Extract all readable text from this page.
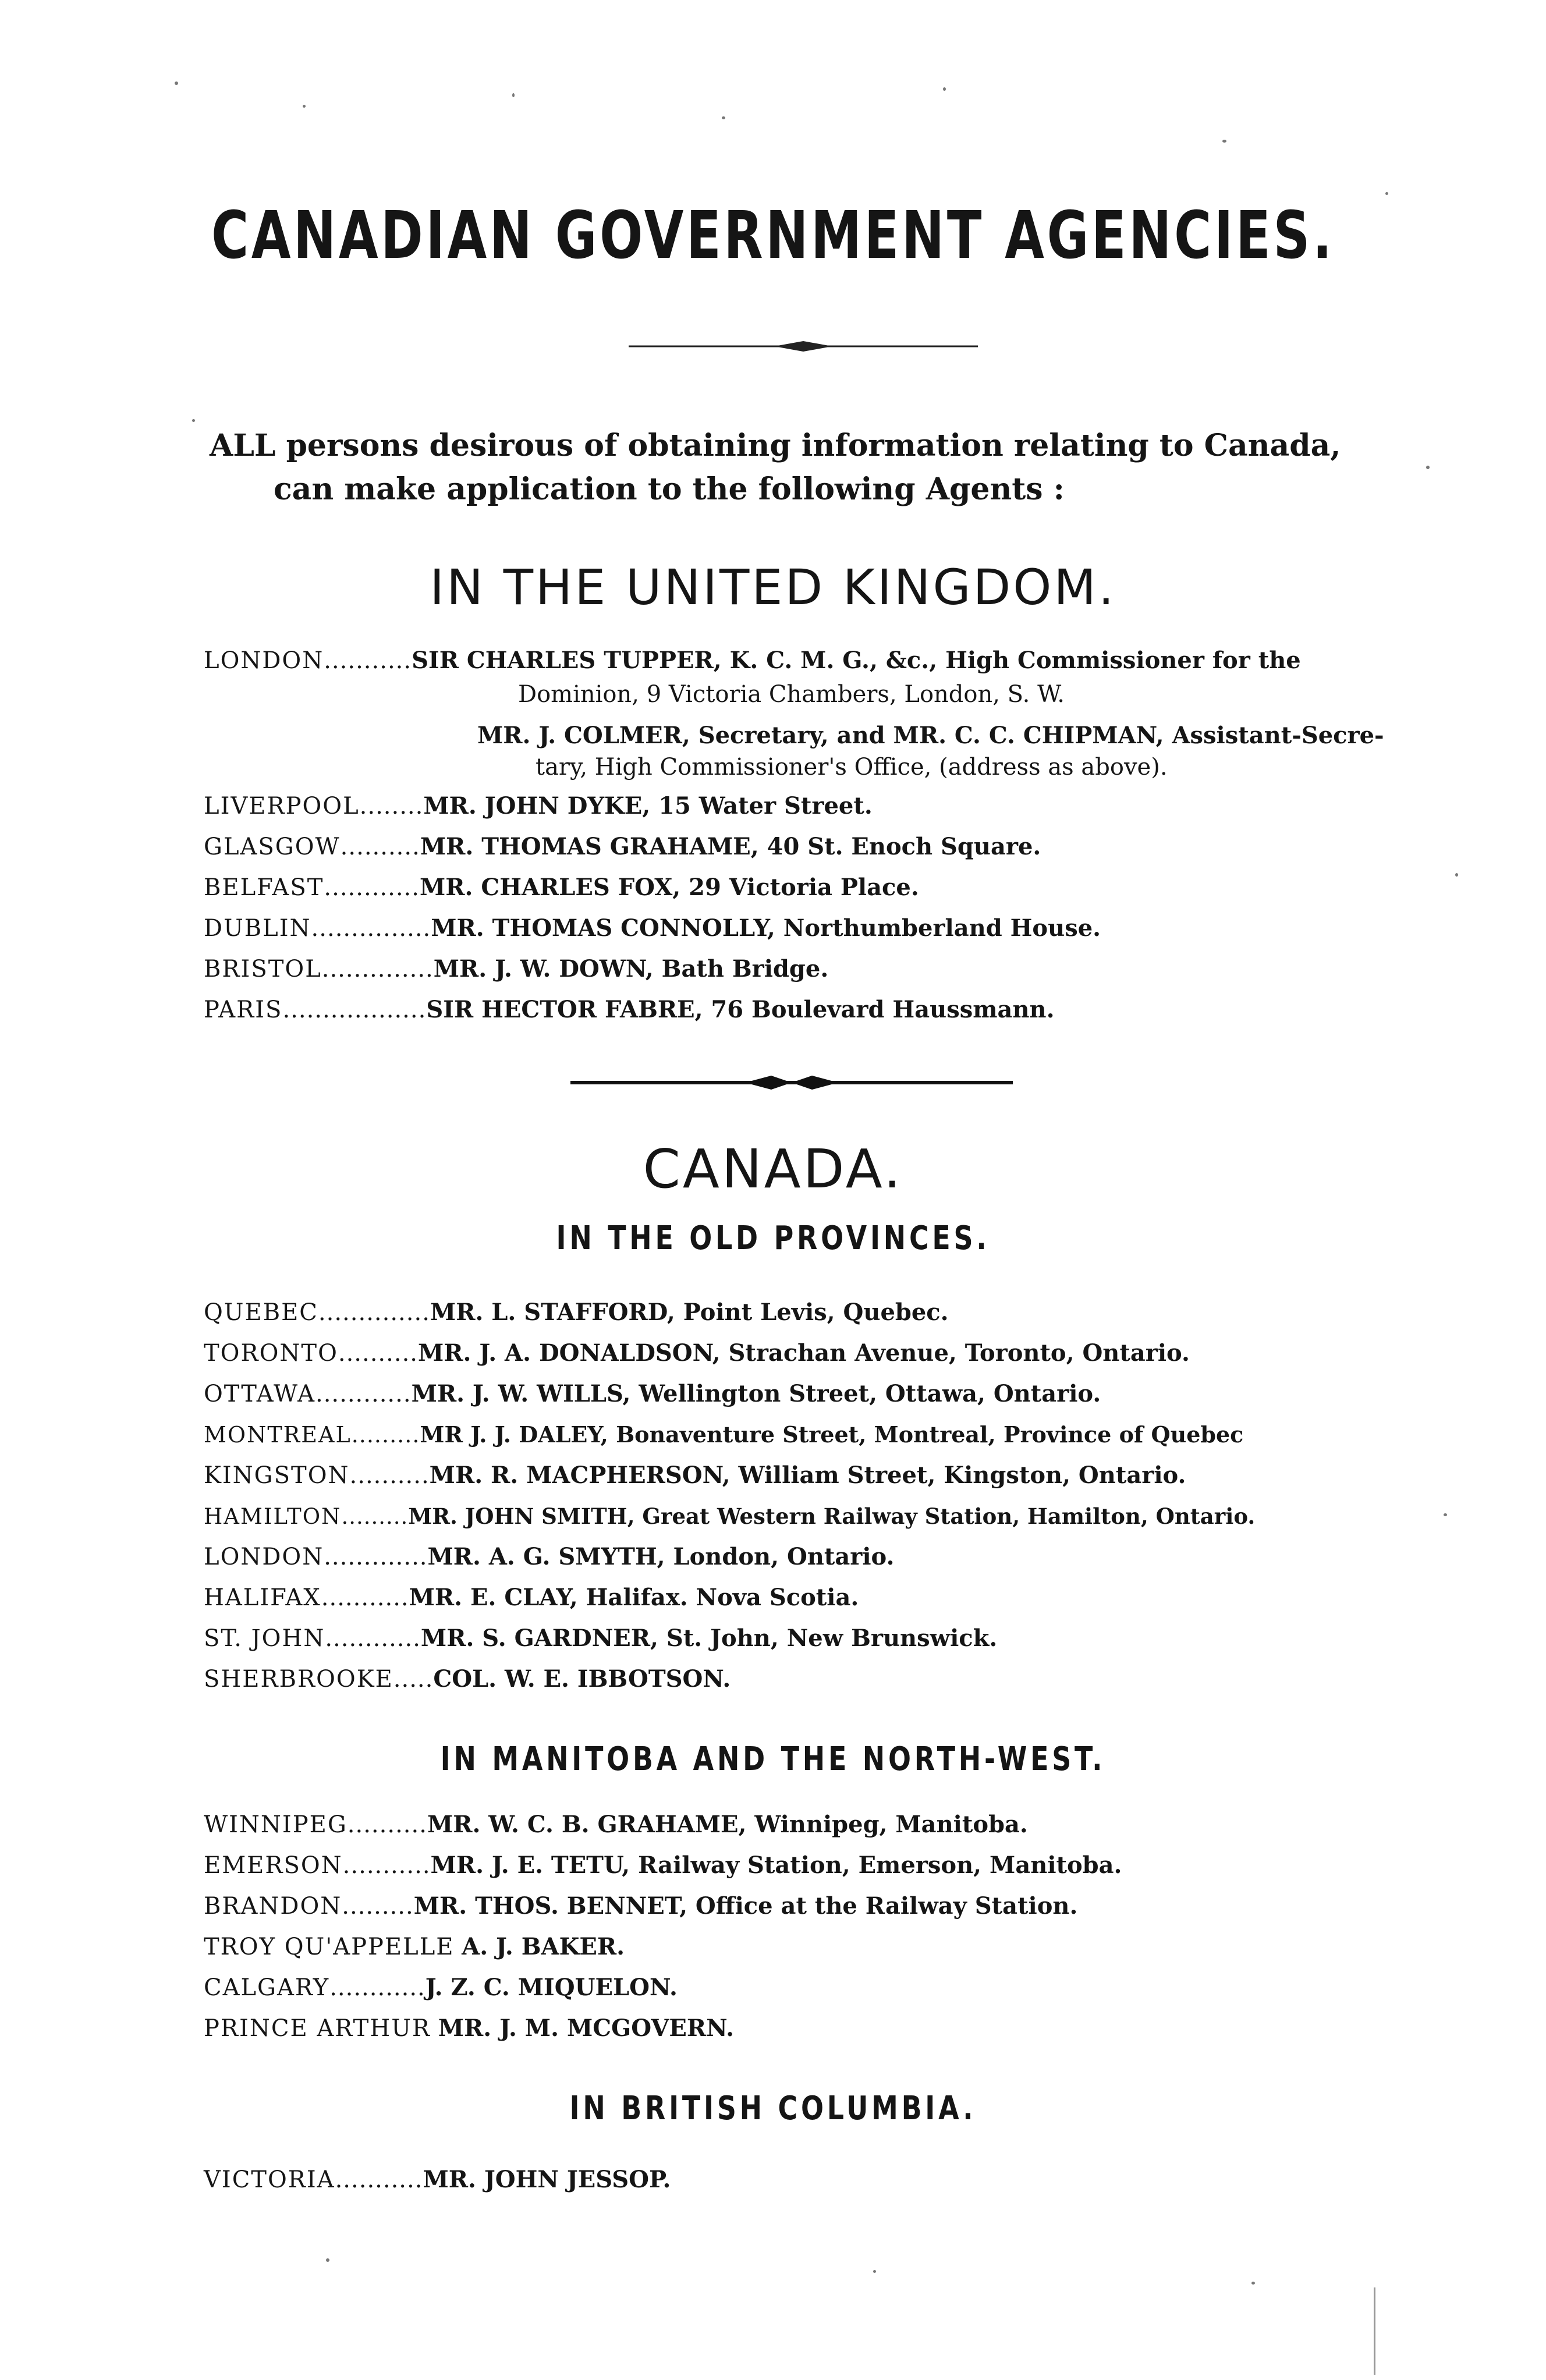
CANADIAN GOVERNMENT AGENCIES.
ALL persons desirous of obtaining information relating to Canada,
can make application to the following Agents :
IN THE UNITED KINGDOM.
LONDON...........SIR CHARLES TUPPER, K. C. M. G., &c., High Commissioner for the
Dominion, 9 Victoria Chambers, London, S. W.
MR. J. COLMER, Secretary, and MR. C. C. CHIPMAN, Assistant-Secre-
tary, High Commissioner's Office, (address as above).
LIVERPOOL........MR. JOHN DYKE, 15 Water Street.
GLASGOW..........MR. THOMAS GRAHAME, 40 St. Enoch Square.
BELFAST............MR. CHARLES FOX, 29 Victoria Place.
DUBLIN...............MR. THOMAS CONNOLLY, Northumberland House.
BRISTOL..............MR. J. W. DOWN, Bath Bridge.
PARIS..................SIR HECTOR FABRE, 76 Boulevard Haussmann.
CANADA.
IN THE OLD PROVINCES.
QUEBEC..............MR. L. STAFFORD, Point Levis, Quebec.
TORONTO..........MR. J. A. DONALDSON, Strachan Avenue, Toronto, Ontario.
OTTAWA............MR. J. W. WILLS, Wellington Street, Ottawa, Ontario.
MONTREAL.........MR J. J. DALEY, Bonaventure Street, Montreal, Province of Quebec
KINGSTON..........MR. R. MACPHERSON, William Street, Kingston, Ontario.
HAMILTON.........MR. JOHN SMITH, Great Western Railway Station, Hamilton, Ontario.
LONDON.............MR. A. G. SMYTH, London, Ontario.
HALIFAX...........MR. E. CLAY, Halifax. Nova Scotia.
ST. JOHN............MR. S. GARDNER, St. John, New Brunswick.
SHERBROOKE.....COL. W. E. IBBOTSON.
IN MANITOBA AND THE NORTH-WEST.
WINNIPEG..........MR. W. C. B. GRAHAME, Winnipeg, Manitoba.
EMERSON...........MR. J. E. TETU, Railway Station, Emerson, Manitoba.
BRANDON.........MR. THOS. BENNET, Office at the Railway Station.
TROY QU'APPELLE A. J. BAKER.
CALGARY............J. Z. C. MIQUELON.
PRINCE ARTHUR MR. J. M. MCGOVERN.
IN BRITISH COLUMBIA.
VICTORIA...........MR. JOHN JESSOP.
